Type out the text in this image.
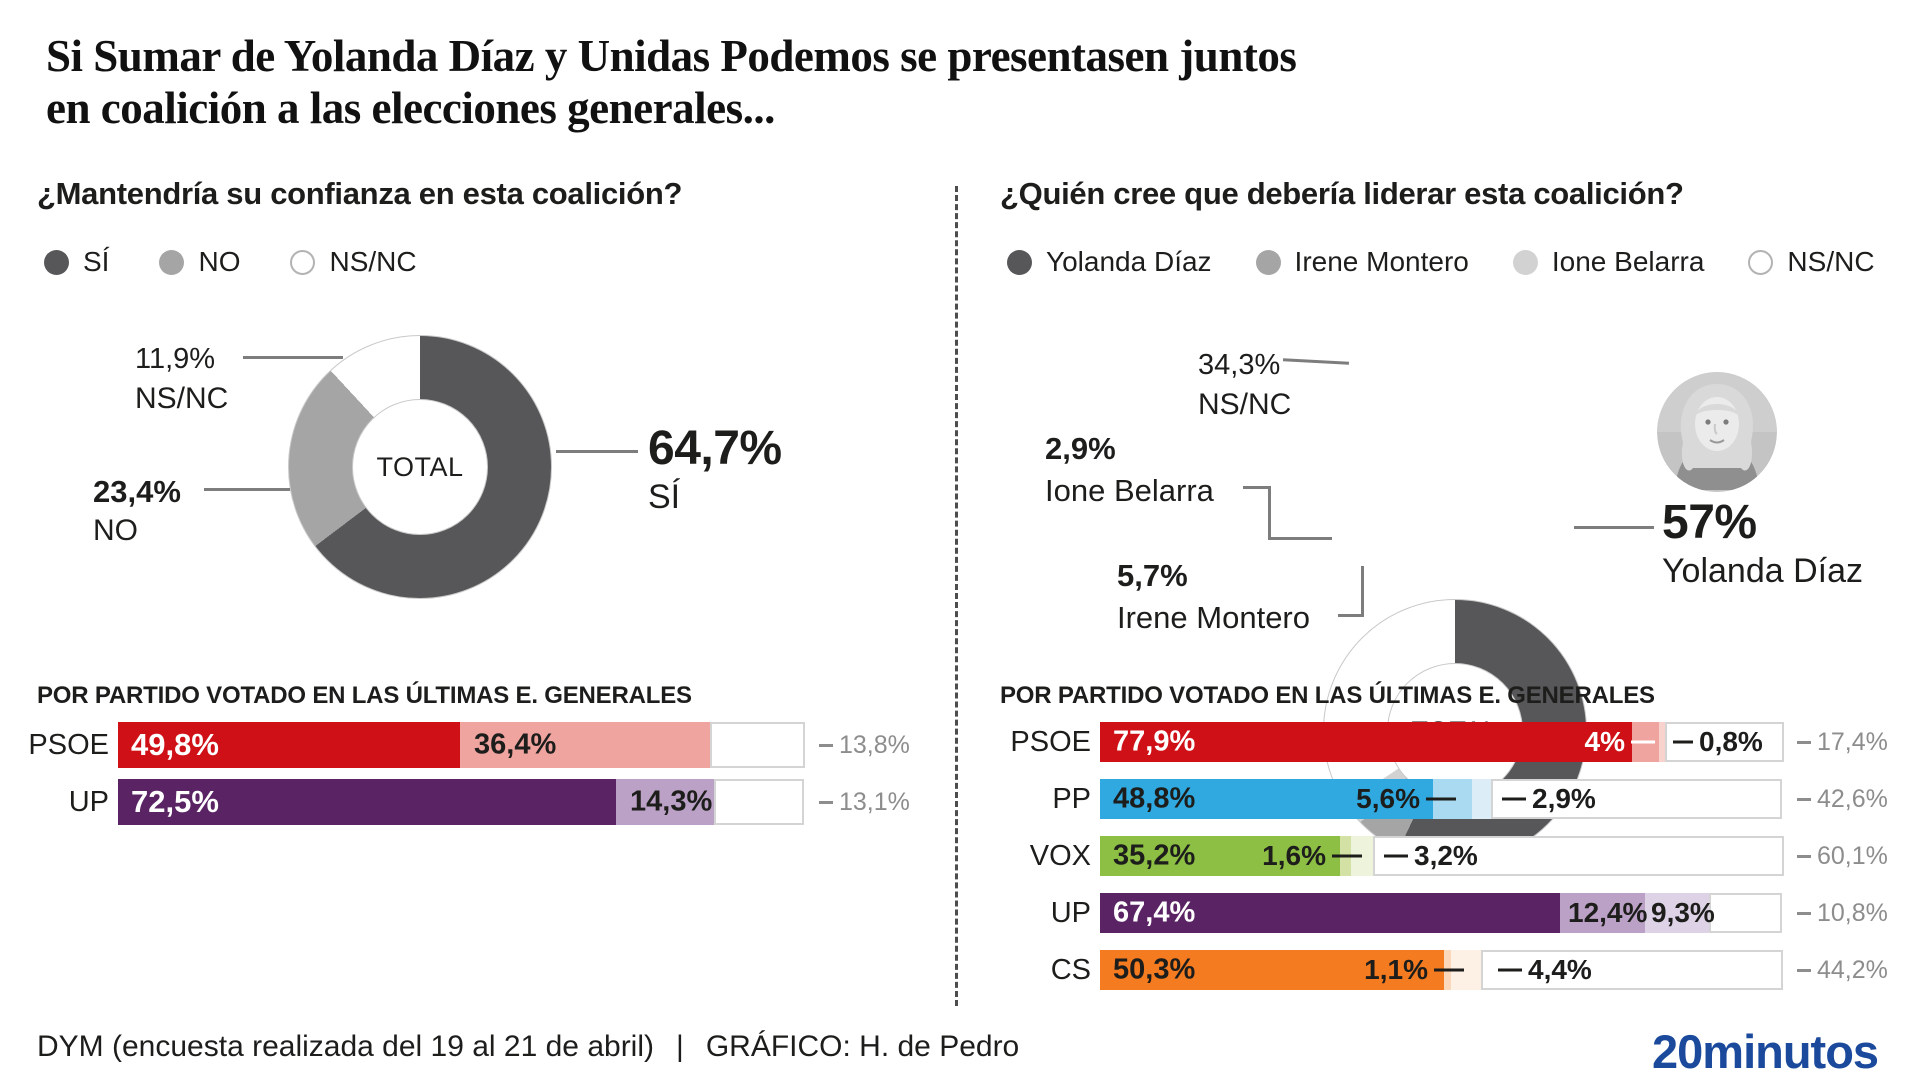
Si Sumar de Yolanda Díaz y Unidas Podemos se presentasen juntos
en coalición a las elecciones generales...
¿Mantendría su confianza en esta coalición?
SÍ	NO	NS/NC
TOTAL
11,9%
NS/NC
23,4%
NO
64,7%
SÍ
POR PARTIDO VOTADO EN LAS ÚLTIMAS E. GENERALES
PSOE 49,8%	36,4%	13,8%
UP 72,5%	14,3%	13,1%
¿Quién cree que debería liderar esta coalición?
Yolanda Díaz	Irene Montero	Ione Belarra	NS/NC
34,3%
NS/NC
2,9%
Ione Belarra
5,7%
Irene Montero
57%
Yolanda Díaz
POR PARTIDO VOTADO EN LAS ÚLTIMAS E. GENERALES
PSOE 77,9%	4%	0,8% 17,4%
PP 48,8%	5,6%	2,9%	42,6%
VOX 35,2% 1,6%	3,2%	60,1%
UP 67,4%	12,4% 9,3%	10,8%
CS 50,3%	1,1%	4,4%	44,2%
DYM (encuesta realizada del 19 al 21 de abril) | GRÁFICO: H. de Pedro	20minutos
